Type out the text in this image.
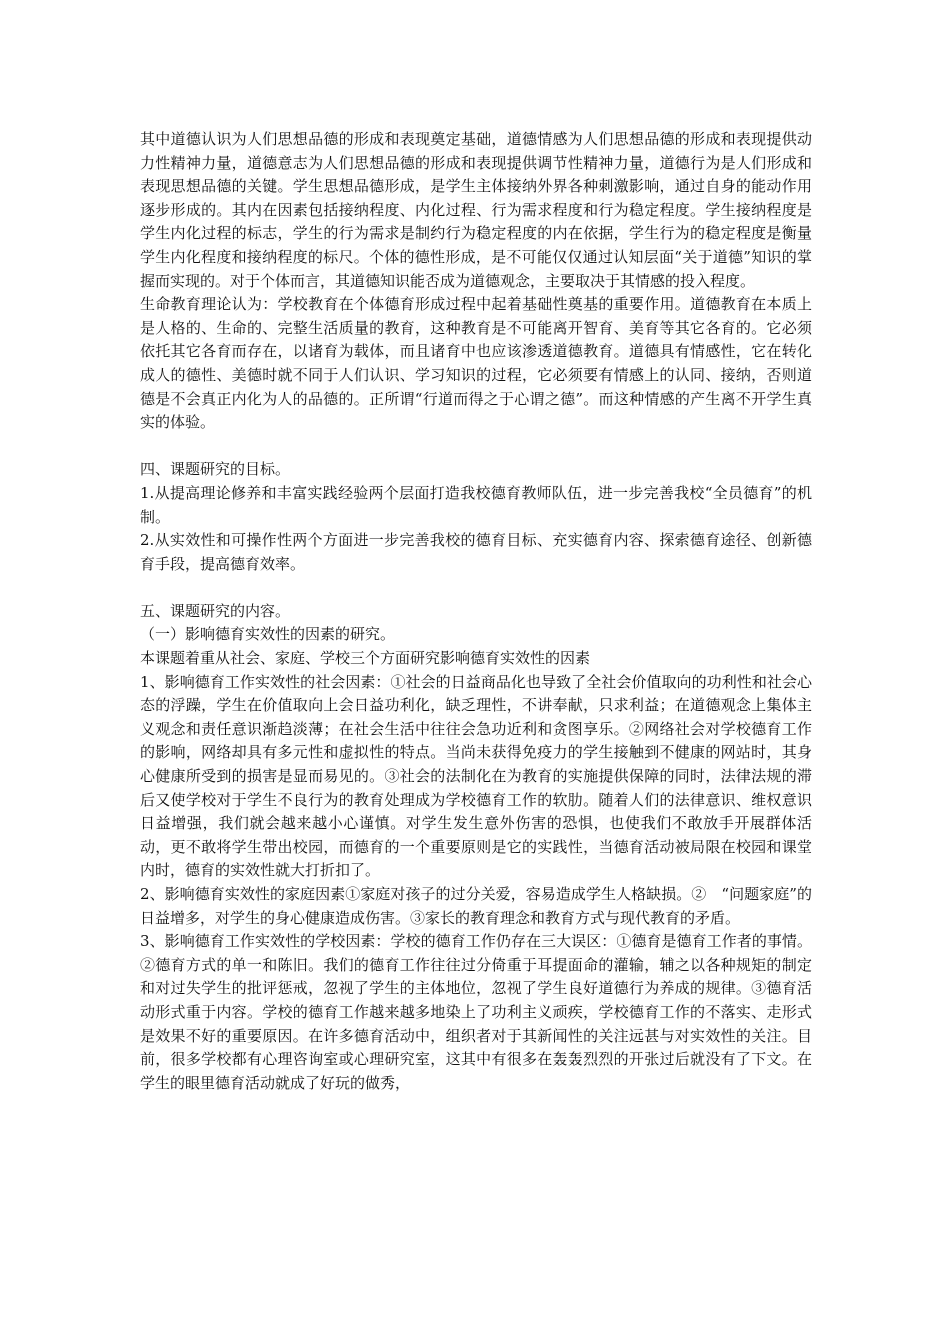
其中道德认识为人们思想品德的形成和表现奠定基础，道德情感为人们思想品德的形成和表现提供动力性精神力量，道德意志为人们思想品德的形成和表现提供调节性精神力量，道德行为是人们形成和表现思想品德的关键。学生思想品德形成，是学生主体接纳外界各种刺激影响，通过自身的能动作用逐步形成的。其内在因素包括接纳程度、内化过程、行为需求程度和行为稳定程度。学生接纳程度是学生内化过程的标志，学生的行为需求是制约行为稳定程度的内在依据，学生行为的稳定程度是衡量学生内化程度和接纳程度的标尺。个体的德性形成，是不可能仅仅通过认知层面“关于道德”知识的掌握而实现的。对于个体而言，其道德知识能否成为道德观念，主要取决于其情感的投入程度。

生命教育理论认为：学校教育在个体德育形成过程中起着基础性奠基的重要作用。道德教育在本质上是人格的、生命的、完整生活质量的教育，这种教育是不可能离开智育、美育等其它各育的。它必须依托其它各育而存在，以诸育为载体，而且诸育中也应该渗透道德教育。道德具有情感性，它在转化成人的德性、美德时就不同于人们认识、学习知识的过程，它必须要有情感上的认同、接纳，否则道德是不会真正内化为人的品德的。正所谓“行道而得之于心谓之德”。而这种情感的产生离不开学生真实的体验。

四、课题研究的目标。

1.从提高理论修养和丰富实践经验两个层面打造我校德育教师队伍，进一步完善我校“全员德育”的机制。

2.从实效性和可操作性两个方面进一步完善我校的德育目标、充实德育内容、探索德育途径、创新德育手段，提高德育效率。

五、课题研究的内容。

（一）影响德育实效性的因素的研究。

本课题着重从社会、家庭、学校三个方面研究影响德育实效性的因素

1、影响德育工作实效性的社会因素：①社会的日益商品化也导致了全社会价值取向的功利性和社会心态的浮躁，学生在价值取向上会日益功利化，缺乏理性，不讲奉献，只求利益；在道德观念上集体主义观念和责任意识渐趋淡薄；在社会生活中往往会急功近利和贪图享乐。②网络社会对学校德育工作的影响，网络却具有多元性和虚拟性的特点。当尚未获得免疫力的学生接触到不健康的网站时，其身心健康所受到的损害是显而易见的。③社会的法制化在为教育的实施提供保障的同时，法律法规的滞后又使学校对于学生不良行为的教育处理成为学校德育工作的软肋。随着人们的法律意识、维权意识日益增强，我们就会越来越小心谨慎。对学生发生意外伤害的恐惧，也使我们不敢放手开展群体活动，更不敢将学生带出校园，而德育的一个重要原则是它的实践性，当德育活动被局限在校园和课堂内时，德育的实效性就大打折扣了。

2、影响德育实效性的家庭因素①家庭对孩子的过分关爱，容易造成学生人格缺损。②　“问题家庭”的日益增多，对学生的身心健康造成伤害。③家长的教育理念和教育方式与现代教育的矛盾。

3、影响德育工作实效性的学校因素：学校的德育工作仍存在三大误区：①德育是德育工作者的事情。 ②德育方式的单一和陈旧。我们的德育工作往往过分倚重于耳提面命的灌输，辅之以各种规矩的制定和对过失学生的批评惩戒，忽视了学生的主体地位，忽视了学生良好道德行为养成的规律。③德育活动形式重于内容。学校的德育工作越来越多地染上了功利主义顽疾，学校德育工作的不落实、走形式是效果不好的重要原因。在许多德育活动中，组织者对于其新闻性的关注远甚与对实效性的关注。目前，很多学校都有心理咨询室或心理研究室，这其中有很多在轰轰烈烈的开张过后就没有了下文。在学生的眼里德育活动就成了好玩的做秀，
